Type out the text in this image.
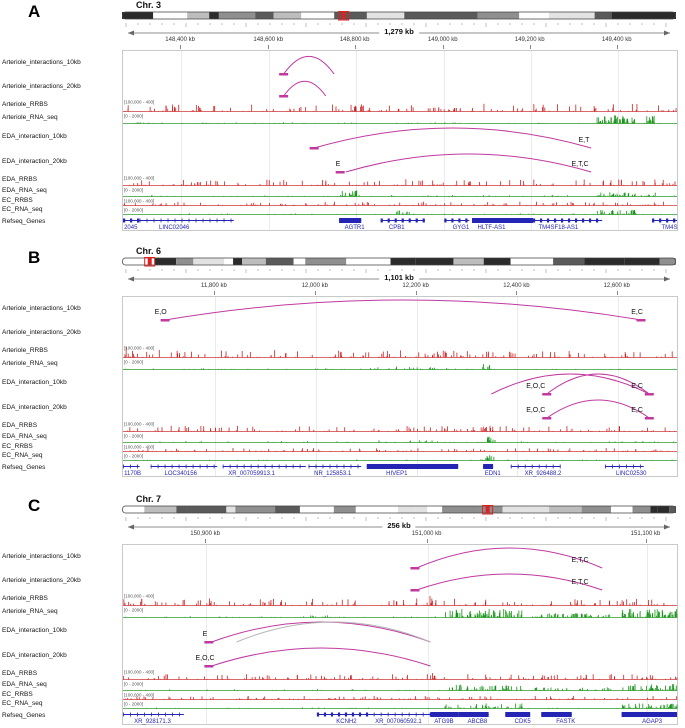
A	Chr. 3
1,279 kb
148,400 kb	148,600 kb	148,800 kb	149,000 kb	149,200 kb	149,400 kb
Arteriole_interactions_10kb
Arteriole_interactions_20kb
Arteriole_RRBS
Arteriole_RNA_seq
EDA_interaction_10kb
EDA_interaction_20kb
EDA_RRBS
EDA_RNA_seq
EC_RRBS
EC_RNA_seq
Refseq_Genes
[100,000 - 400]
[0 - 2000]
E,T
E	E,T,C
[100,000 - 400]
[0 - 2000]
[100,000 - 400]
[0 - 2000]
2045	LINC02046	AGTR1	CPB1	GYG1 HLTF-AS1	TM4SF18-AS1	TM4S
B	Chr. 6
1,101 kb
11,800 kb	12,000 kb	12,200 kb	12,400 kb	12,600 kb
Arteriole_interactions_10kb
Arteriole_interactions_20kb
Arteriole_RRBS
Arteriole_RNA_seq
EDA_interaction_10kb
EDA_interaction_20kb
EDA_RRBS
EDA_RNA_seq
EC_RRBS
EC_RNA_seq
Refseq_Genes
E,O	E,C
[100,000 - 400]
[0 - 2000]
E,O,C	E,C
E,O,C	E,C
[100,000 - 400]
[0 - 2000]
[100,000 - 400]
[0 - 2000]
1170B	LOC340156	XR_007059913.1	NR_125853.1	HIVEP1	EDN1	XR_926488.2	LINC02530
C	Chr. 7
256 kb
150,900 kb	151,000 kb	151,100 kb
Arteriole_interactions_10kb
Arteriole_interactions_20kb
Arteriole_RRBS
Arteriole_RNA_seq
EDA_interaction_10kb
EDA_interaction_20kb
EDA_RRBS
EDA_RNA_seq
EC_RRBS
EC_RNA_seq
Refseq_Genes
E,T,C
E,T,C
[100,000 - 400]
[0 - 2000]
E
E,O,C
[100,000 - 400]
[0 - 2000]
[100,000 - 400]
[0 - 2000]
XR_928171.3	KCNH2	XR_007060592.1 ATG9B ABCB8	CDK5	FASTK	AGAP3
